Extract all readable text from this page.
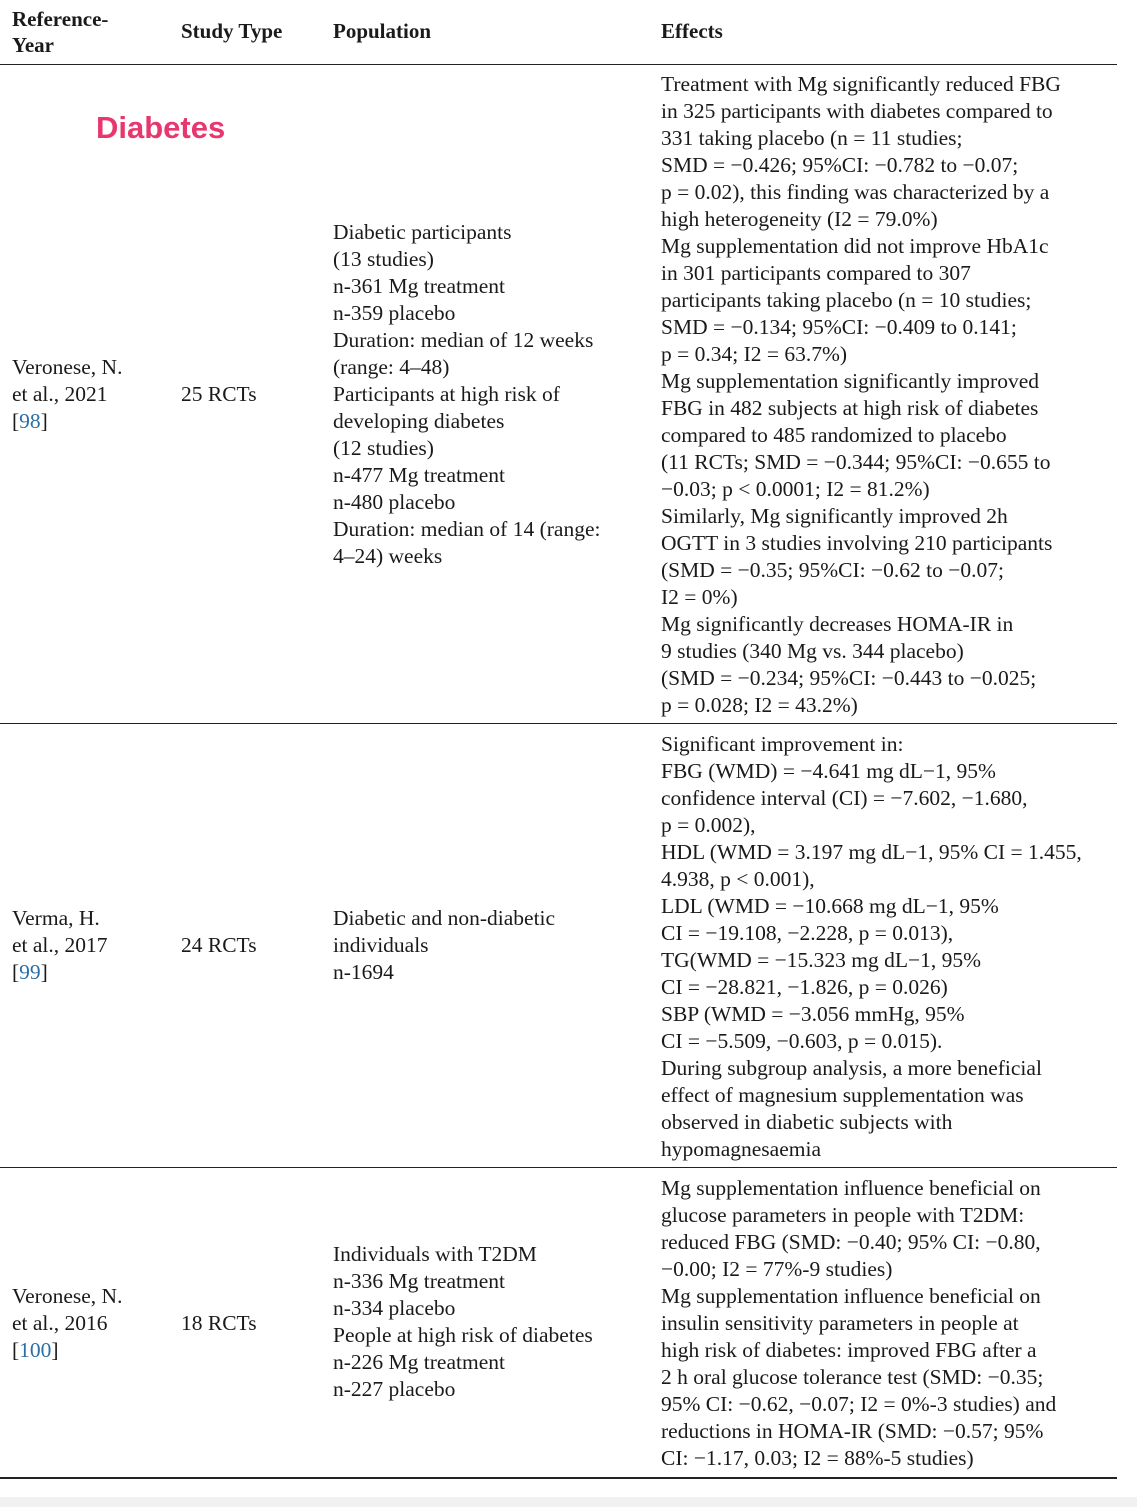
Reference-
Year
Study Type Population	Effects
Diabetes
Veronese, N.
et al., 2021
[98]
25 RCTs
Diabetic participants
(13 studies)
n-361 Mg treatment
n-359 placebo
Duration: median of 12 weeks
(range: 4–48)
Participants at high risk of
developing diabetes
(12 studies)
n-477 Mg treatment
n-480 placebo
Duration: median of 14 (range:
4–24) weeks
Treatment with Mg significantly reduced FBG
in 325 participants with diabetes compared to
331 taking placebo (n = 11 studies;
SMD = −0.426; 95%CI: −0.782 to −0.07;
p = 0.02), this finding was characterized by a
high heterogeneity (I2 = 79.0%)
Mg supplementation did not improve HbA1c
in 301 participants compared to 307
participants taking placebo (n = 10 studies;
SMD = −0.134; 95%CI: −0.409 to 0.141;
p = 0.34; I2 = 63.7%)
Mg supplementation significantly improved
FBG in 482 subjects at high risk of diabetes
compared to 485 randomized to placebo
(11 RCTs; SMD = −0.344; 95%CI: −0.655 to
−0.03; p < 0.0001; I2 = 81.2%)
Similarly, Mg significantly improved 2h
OGTT in 3 studies involving 210 participants
(SMD = −0.35; 95%CI: −0.62 to −0.07;
I2 = 0%)
Mg significantly decreases HOMA-IR in
9 studies (340 Mg vs. 344 placebo)
(SMD = −0.234; 95%CI: −0.443 to −0.025;
p = 0.028; I2 = 43.2%)
Verma, H.
et al., 2017
[99]
24 RCTs
Diabetic and non-diabetic
individuals
n-1694
Significant improvement in:
FBG (WMD) = −4.641 mg dL−1, 95%
confidence interval (CI) = −7.602, −1.680,
p = 0.002),
HDL (WMD = 3.197 mg dL−1, 95% CI = 1.455,
4.938, p < 0.001),
LDL (WMD = −10.668 mg dL−1, 95%
CI = −19.108, −2.228, p = 0.013),
TG(WMD = −15.323 mg dL−1, 95%
CI = −28.821, −1.826, p = 0.026)
SBP (WMD = −3.056 mmHg, 95%
CI = −5.509, −0.603, p = 0.015).
During subgroup analysis, a more beneficial
effect of magnesium supplementation was
observed in diabetic subjects with
hypomagnesaemia
Veronese, N.
et al., 2016
[100]
18 RCTs
Individuals with T2DM
n-336 Mg treatment
n-334 placebo
People at high risk of diabetes
n-226 Mg treatment
n-227 placebo
Mg supplementation influence beneficial on
glucose parameters in people with T2DM:
reduced FBG (SMD: −0.40; 95% CI: −0.80,
−0.00; I2 = 77%-9 studies)
Mg supplementation influence beneficial on
insulin sensitivity parameters in people at
high risk of diabetes: improved FBG after a
2 h oral glucose tolerance test (SMD: −0.35;
95% CI: −0.62, −0.07; I2 = 0%-3 studies) and
reductions in HOMA-IR (SMD: −0.57; 95%
CI: −1.17, 0.03; I2 = 88%-5 studies)
